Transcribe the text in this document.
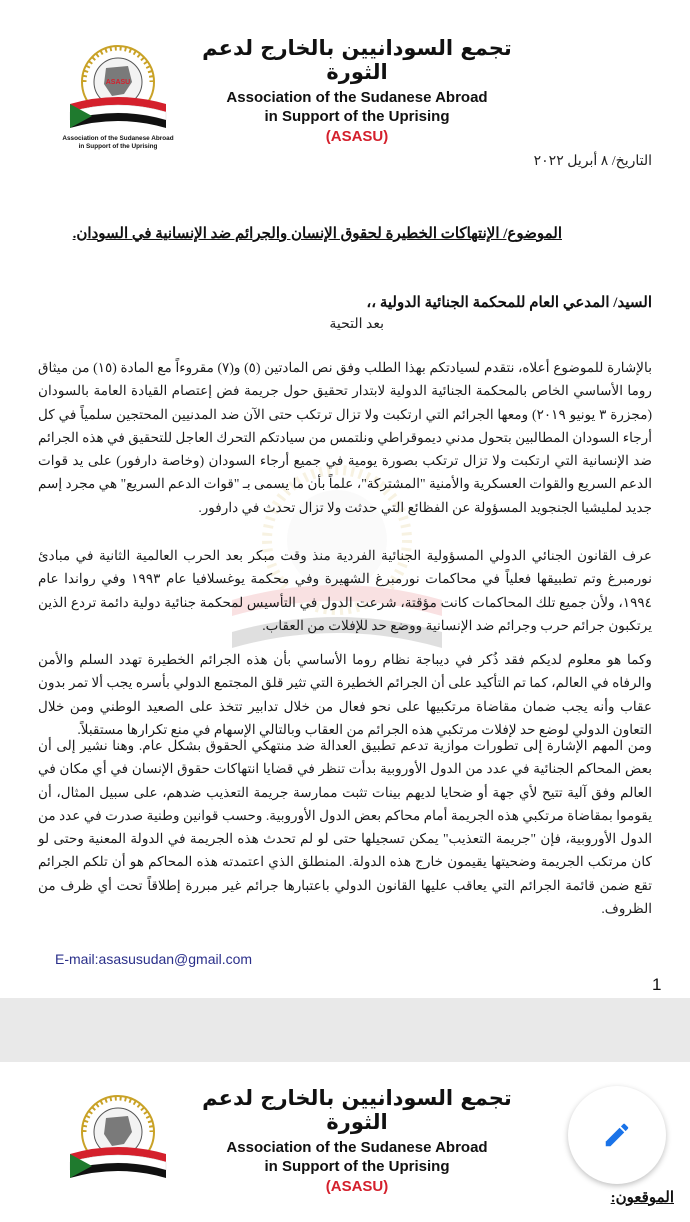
ASASU
Association of the Sudanese Abroad
in Support of the Uprising
تجمع السودانيين بالخارج لدعم الثورة
Association of the Sudanese Abroad
in Support of the Uprising
(ASASU)
التاريخ/ ٨ أبريل ٢٠٢٢
الموضوع/ الإنتهاكات الخطيرة لحقوق الإنسان والجرائم ضد الإنسانية في السودان.
السيد/ المدعي العام للمحكمة الجنائية الدولية ،،
بعد التحية
بالإشارة للموضوع أعلاه، نتقدم لسيادتكم بهذا الطلب وفق نص المادتين (٥) و(٧) مقروءاً مع المادة (١٥) من ميثاق روما الأساسي الخاص بالمحكمة الجنائية الدولية لابتدار تحقيق حول جريمة فض إعتصام القيادة العامة بالسودان (مجزرة ٣ يونيو ٢٠١٩) ومعها الجرائم التي ارتكبت ولا تزال ترتكب حتى الآن ضد المدنيين المحتجين سلمياً في كل أرجاء السودان المطالبين بتحول مدني ديموقراطي ونلتمس من سيادتكم التحرك العاجل للتحقيق في هذه الجرائم ضد الإنسانية التي ارتكبت ولا تزال ترتكب بصورة يومية في جميع أرجاء السودان (وخاصة دارفور) على يد قوات الدعم السريع والقوات العسكرية والأمنية "المشتركة"، علماً بأن ما يسمى بـ "قوات الدعم السريع" هي مجرد إسم جديد لمليشيا الجنجويد المسؤولة عن الفظائع التي حدثت ولا تزال تحدث في دارفور.
عرف القانون الجنائي الدولي المسؤولية الجنائية الفردية منذ وقت مبكر بعد الحرب العالمية الثانية في مبادئ نورمبرغ وتم تطبيقها فعلياً في محاكمات نورمبرغ الشهيرة وفي محكمة يوغسلافيا عام ١٩٩٣ وفي رواندا عام ١٩٩٤، ولأن جميع تلك المحاكمات كانت مؤقتة، شرعت الدول في التأسيس لمحكمة جنائية دولية دائمة تردع الذين يرتكبون جرائم حرب وجرائم ضد الإنسانية ووضع حد للإفلات من العقاب.
وكما هو معلوم لديكم فقد ذُكر في ديباجة نظام روما الأساسي بأن هذه الجرائم الخطيرة تهدد السلم والأمن والرفاه في العالم، كما تم التأكيد على أن الجرائم الخطيرة التي تثير قلق المجتمع الدولي بأسره يجب ألا تمر بدون عقاب وأنه يجب ضمان مقاضاة مرتكبيها على نحو فعال من خلال تدابير تتخذ على الصعيد الوطني ومن خلال التعاون الدولي لوضع حد لإفلات مرتكبي هذه الجرائم من العقاب وبالتالي الإسهام في منع تكرارها مستقبلاً.
ومن المهم الإشارة إلى تطورات موازية تدعم تطبيق العدالة ضد منتهكي الحقوق بشكل عام. وهنا نشير إلى أن بعض المحاكم الجنائية في عدد من الدول الأوروبية بدأت تنظر في قضايا انتهاكات حقوق الإنسان في أي مكان في العالم وفق آلية تتيح لأي جهة أو ضحايا لديهم بينات تثبت ممارسة جريمة التعذيب ضدهم، على سبيل المثال، أن يقوموا بمقاضاة مرتكبي هذه الجريمة أمام محاكم بعض الدول الأوروبية. وحسب قوانين وطنية صدرت في عدد من الدول الأوروبية، فإن "جريمة التعذيب" يمكن تسجيلها حتى لو لم تحدث هذه الجريمة في الدولة المعنية وحتى لو كان مرتكب الجريمة وضحيتها يقيمون خارج هذه الدولة. المنطلق الذي اعتمدته هذه المحاكم هو أن تلكم الجرائم تقع ضمن قائمة الجرائم التي يعاقب عليها القانون الدولي باعتبارها جرائم غير مبررة إطلاقاً تحت أي ظرف من الظروف.
E-mail:asasusudan@gmail.com
1
تجمع السودانيين بالخارج لدعم الثورة
Association of the Sudanese Abroad
in Support of the Uprising
(ASASU)
الموقعون:
